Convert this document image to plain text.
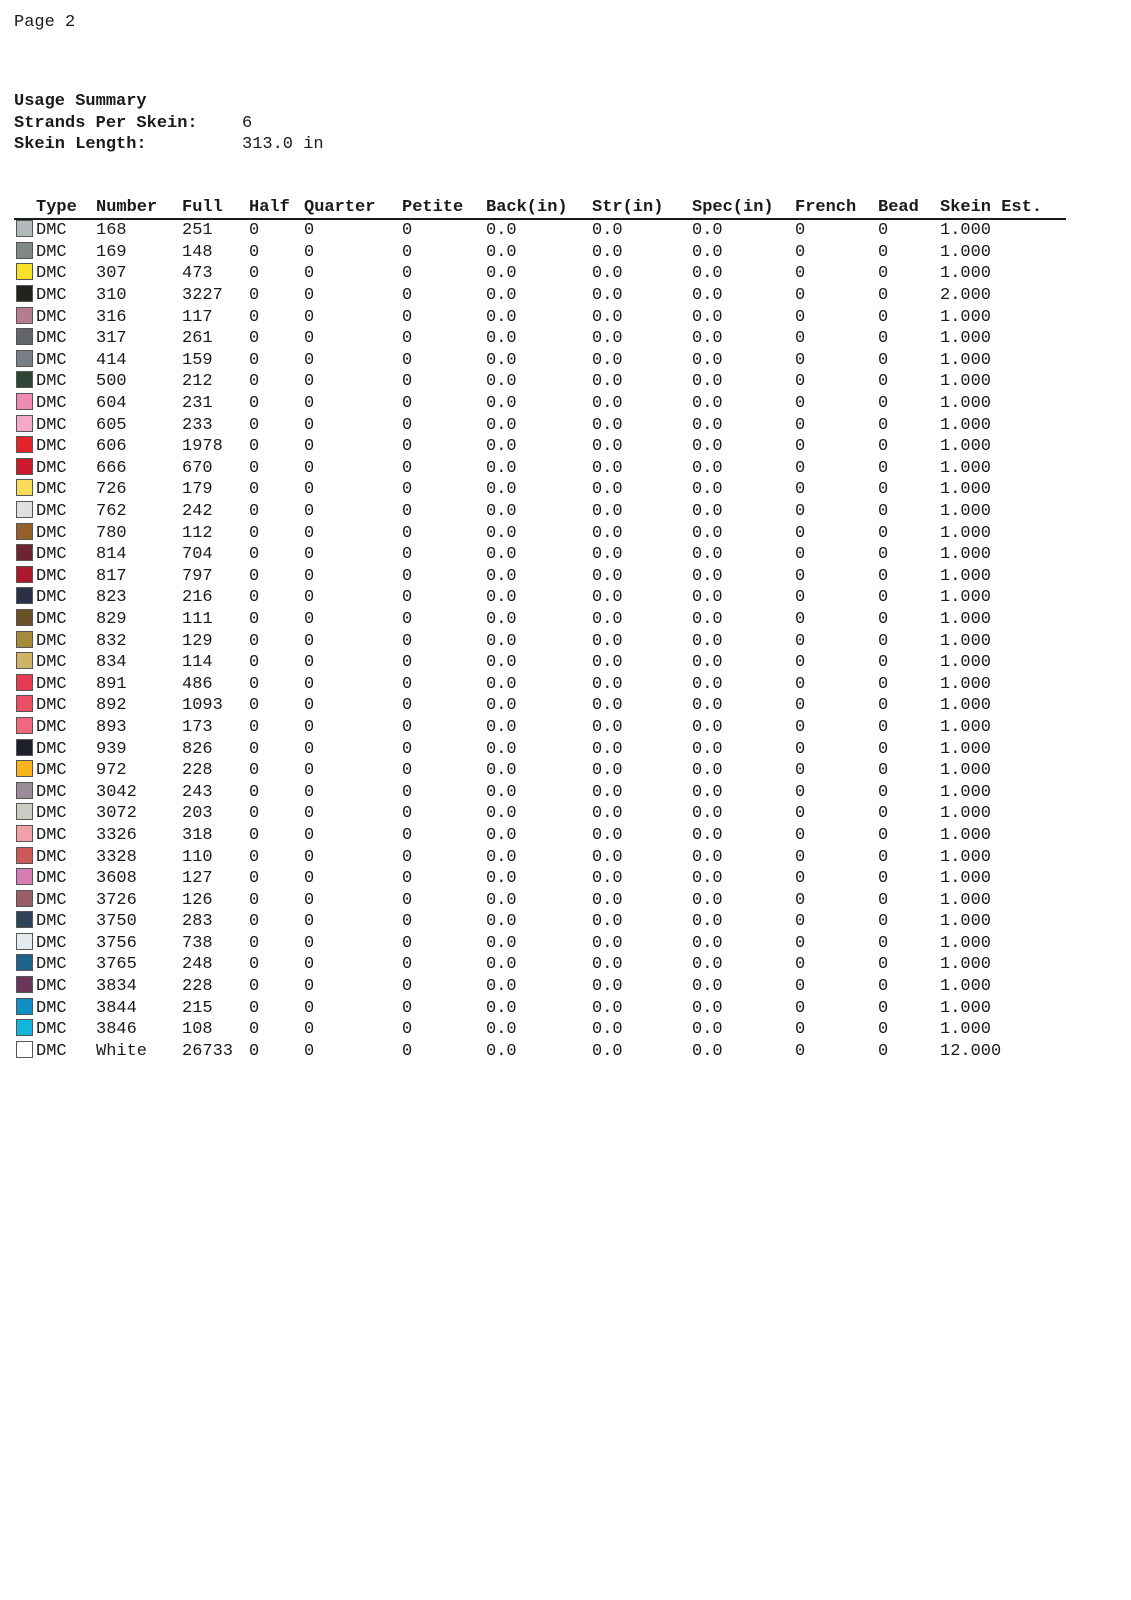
Page 2
Usage Summary
Strands Per Skein:	6
Skein Length:	313.0 in
	Type	Number	Full	Half	Quarter	Petite	Back(in)	Str(in)	Spec(in)	French	Bead	Skein Est.
	DMC	168	251	0	0	0	0.0	0.0	0.0	0	0	1.000
	DMC	169	148	0	0	0	0.0	0.0	0.0	0	0	1.000
	DMC	307	473	0	0	0	0.0	0.0	0.0	0	0	1.000
	DMC	310	3227	0	0	0	0.0	0.0	0.0	0	0	2.000
	DMC	316	117	0	0	0	0.0	0.0	0.0	0	0	1.000
	DMC	317	261	0	0	0	0.0	0.0	0.0	0	0	1.000
	DMC	414	159	0	0	0	0.0	0.0	0.0	0	0	1.000
	DMC	500	212	0	0	0	0.0	0.0	0.0	0	0	1.000
	DMC	604	231	0	0	0	0.0	0.0	0.0	0	0	1.000
	DMC	605	233	0	0	0	0.0	0.0	0.0	0	0	1.000
	DMC	606	1978	0	0	0	0.0	0.0	0.0	0	0	1.000
	DMC	666	670	0	0	0	0.0	0.0	0.0	0	0	1.000
	DMC	726	179	0	0	0	0.0	0.0	0.0	0	0	1.000
	DMC	762	242	0	0	0	0.0	0.0	0.0	0	0	1.000
	DMC	780	112	0	0	0	0.0	0.0	0.0	0	0	1.000
	DMC	814	704	0	0	0	0.0	0.0	0.0	0	0	1.000
	DMC	817	797	0	0	0	0.0	0.0	0.0	0	0	1.000
	DMC	823	216	0	0	0	0.0	0.0	0.0	0	0	1.000
	DMC	829	111	0	0	0	0.0	0.0	0.0	0	0	1.000
	DMC	832	129	0	0	0	0.0	0.0	0.0	0	0	1.000
	DMC	834	114	0	0	0	0.0	0.0	0.0	0	0	1.000
	DMC	891	486	0	0	0	0.0	0.0	0.0	0	0	1.000
	DMC	892	1093	0	0	0	0.0	0.0	0.0	0	0	1.000
	DMC	893	173	0	0	0	0.0	0.0	0.0	0	0	1.000
	DMC	939	826	0	0	0	0.0	0.0	0.0	0	0	1.000
	DMC	972	228	0	0	0	0.0	0.0	0.0	0	0	1.000
	DMC	3042	243	0	0	0	0.0	0.0	0.0	0	0	1.000
	DMC	3072	203	0	0	0	0.0	0.0	0.0	0	0	1.000
	DMC	3326	318	0	0	0	0.0	0.0	0.0	0	0	1.000
	DMC	3328	110	0	0	0	0.0	0.0	0.0	0	0	1.000
	DMC	3608	127	0	0	0	0.0	0.0	0.0	0	0	1.000
	DMC	3726	126	0	0	0	0.0	0.0	0.0	0	0	1.000
	DMC	3750	283	0	0	0	0.0	0.0	0.0	0	0	1.000
	DMC	3756	738	0	0	0	0.0	0.0	0.0	0	0	1.000
	DMC	3765	248	0	0	0	0.0	0.0	0.0	0	0	1.000
	DMC	3834	228	0	0	0	0.0	0.0	0.0	0	0	1.000
	DMC	3844	215	0	0	0	0.0	0.0	0.0	0	0	1.000
	DMC	3846	108	0	0	0	0.0	0.0	0.0	0	0	1.000
	DMC	White	26733	0	0	0	0.0	0.0	0.0	0	0	12.000
